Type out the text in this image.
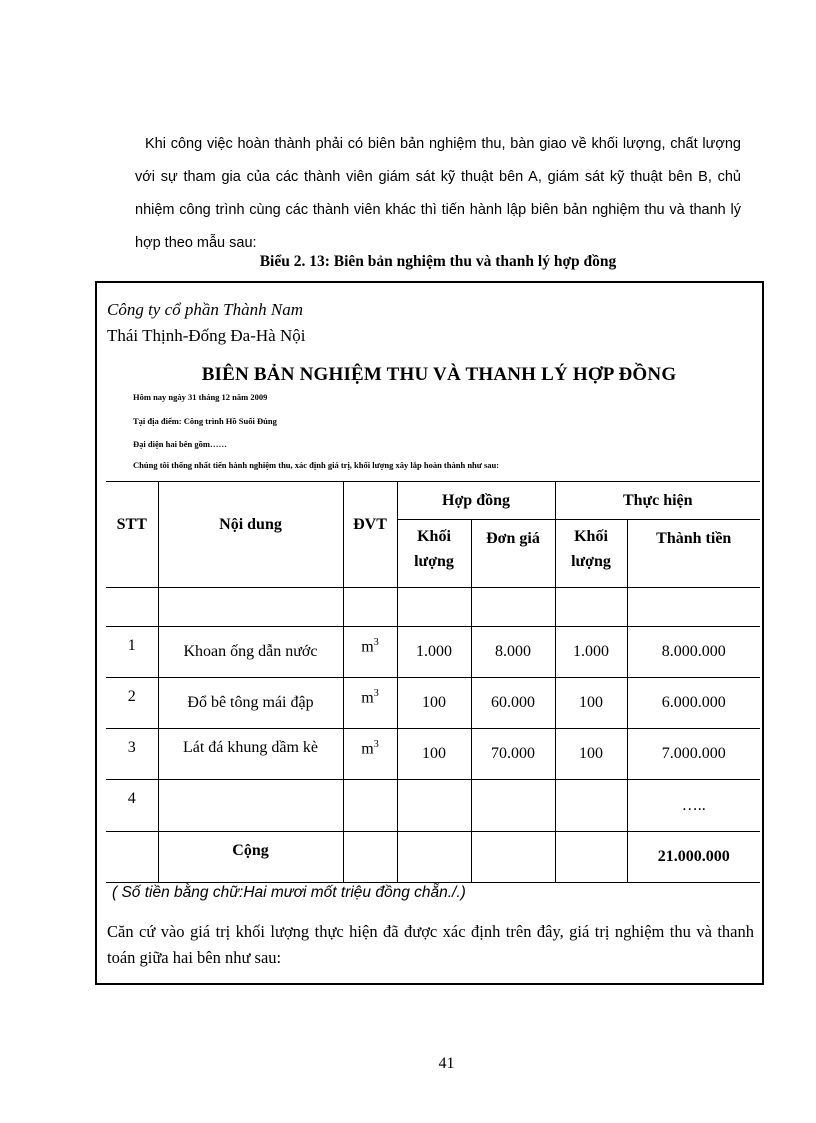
Khi công việc hoàn thành phải có biên bản nghiệm thu, bàn giao về khối lượng, chất lượng với sự tham gia của các thành viên giám sát kỹ thuật bên A, giám sát kỹ thuật bên B, chủ nhiệm công trình cùng các thành viên khác thì tiến hành lập biên bản nghiệm thu và thanh lý hợp theo mẫu sau:

Biểu 2. 13: Biên bản nghiệm thu và thanh lý hợp đồng
Công ty cổ phần Thành Nam
Thái Thịnh-Đống Đa-Hà Nội
BIÊN BẢN NGHIỆM THU VÀ THANH LÝ HỢP ĐỒNG
Hôm nay ngày 31 tháng 12 năm 2009
Tại địa điểm: Công trình Hồ Suối Đúng
Đại diện hai bên gồm……
Chúng tôi thống nhất tiến hành nghiệm thu, xác định giá trị, khối lượng xây lắp hoàn thành như sau:
STT	Nội dung	ĐVT	Hợp đồng		Thực hiện	
			Khối lượng	Đơn giá	Khối lượng	Thành tiền

1	Khoan ống dẫn nước	$m^3$	1.000	8.000	1.000	8.000.000
2	Đổ bê tông mái đập	$m^3$	100	60.000	100	6.000.000
3	Lát đá khung dầm kè	$m^3$	100	70.000	100	7.000.000
4						…..
	Cộng					21.000.000
( Số tiền bằng chữ:Hai mươi mốt triệu đồng chẵn./.)

Căn cứ vào giá trị khối lượng thực hiện đã được xác định trên đây, giá trị nghiệm thu và thanh toán giữa hai bên như sau:

41
